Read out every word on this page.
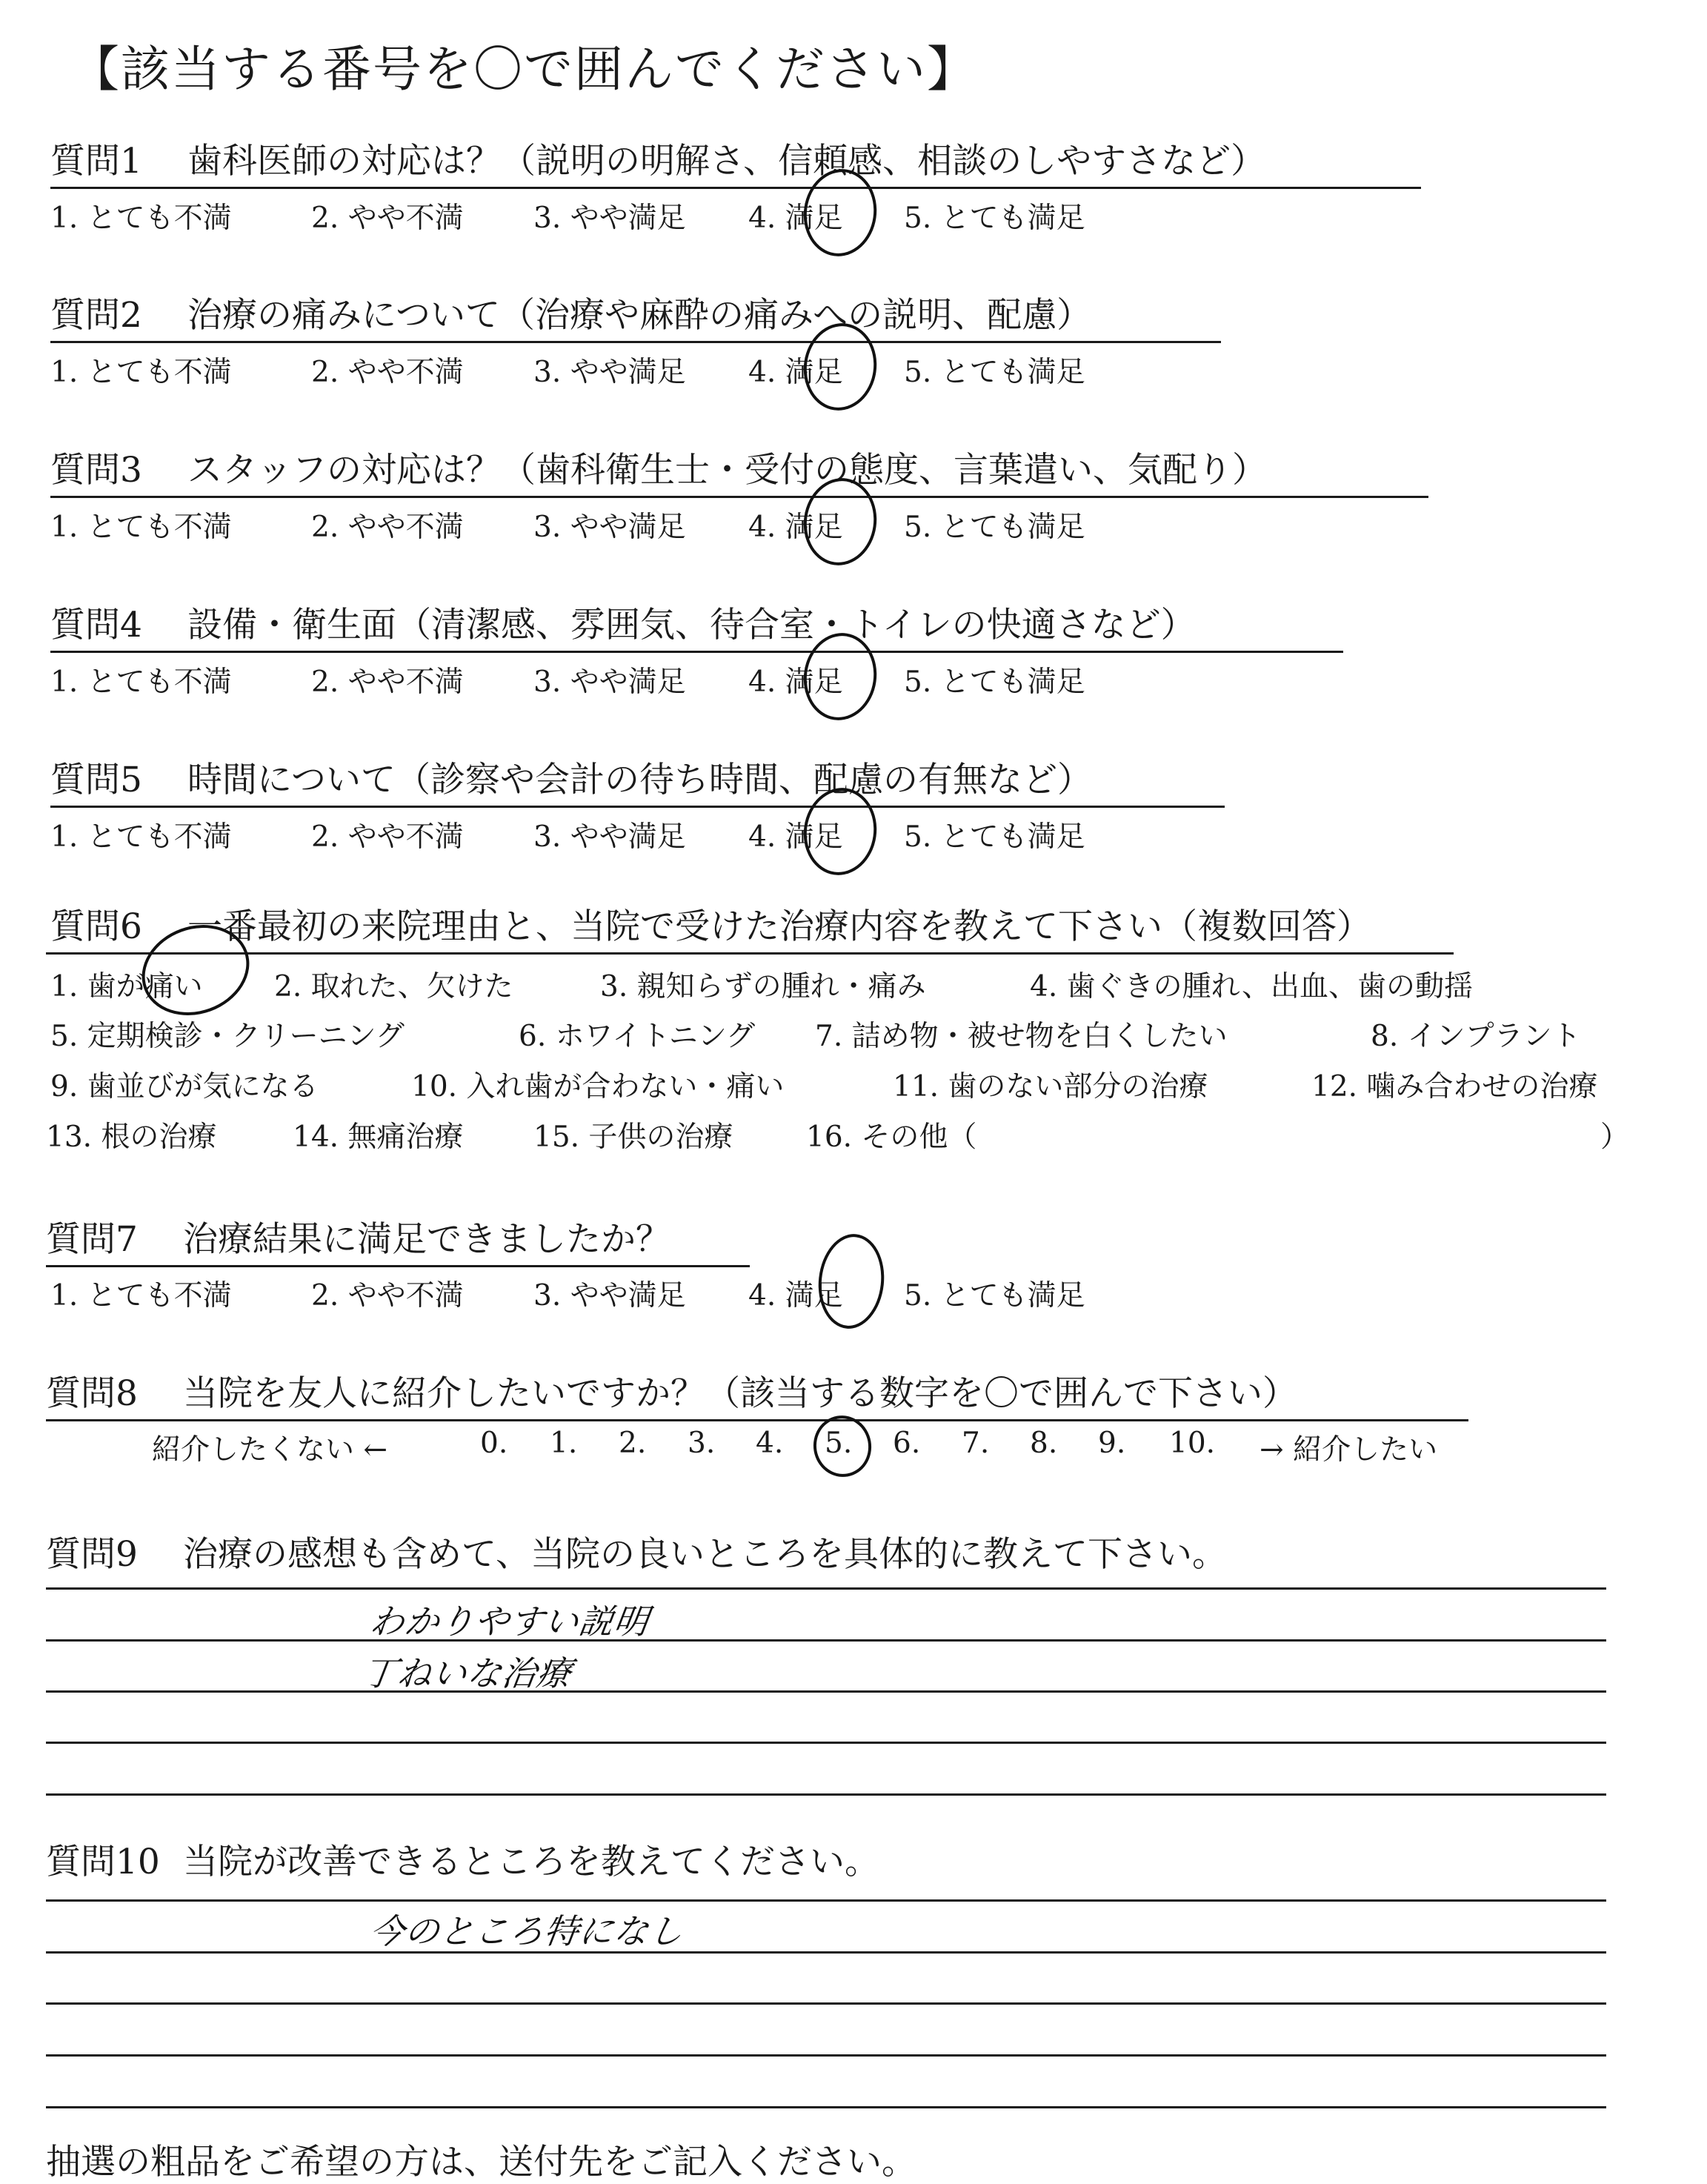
【該当する番号を〇で囲んでください】
質問1 歯科医師の対応は？（説明の明解さ、信頼感、相談のしやすさなど）
1. とても不満	2. やや不満 3. やや満足 4. 満足 5. とても満足
質問2 治療の痛みについて（治療や麻酔の痛みへの説明、配慮）
1. とても不満	2. やや不満 3. やや満足 4. 満足 5. とても満足
質問3 スタッフの対応は？（歯科衛生士・受付の態度、言葉遣い、気配り）
1. とても不満	2. やや不満 3. やや満足 4. 満足 5. とても満足
質問4 設備・衛生面（清潔感、雰囲気、待合室・トイレの快適さなど）
1. とても不満	2. やや不満 3. やや満足 4. 満足 5. とても満足
質問5 時間について（診察や会計の待ち時間、配慮の有無など）
1. とても不満	2. やや不満 3. やや満足 4. 満足 5. とても満足
質問6 一番最初の来院理由と、当院で受けた治療内容を教えて下さい（複数回答）
1. 歯が痛い 2. 取れた、欠けた	3. 親知らずの腫れ・痛み	4. 歯ぐきの腫れ、出血、歯の動揺
5. 定期検診・クリーニング	6. ホワイトニング 7. 詰め物・被せ物を白くしたい	8. インプラント
9. 歯並びが気になる	10. 入れ歯が合わない・痛い	11. 歯のない部分の治療	12. 噛み合わせの治療
13. 根の治療	14. 無痛治療 15. 子供の治療	16. その他（	）
質問7 治療結果に満足できましたか？
1. とても不満	2. やや不満 3. やや満足 4. 満足 5. とても満足
質問8 当院を友人に紹介したいですか？（該当する数字を〇で囲んで下さい）
紹介したくない ←	0. 1. 2. 3. 4. 5. 6. 7. 8. 9. 10. → 紹介したい
質問9 治療の感想も含めて、当院の良いところを具体的に教えて下さい。
わかりやすい説明
丁ねいな治療
質問10 当院が改善できるところを教えてください。
今のところ特になし
抽選の粗品をご希望の方は、送付先をご記入ください。
